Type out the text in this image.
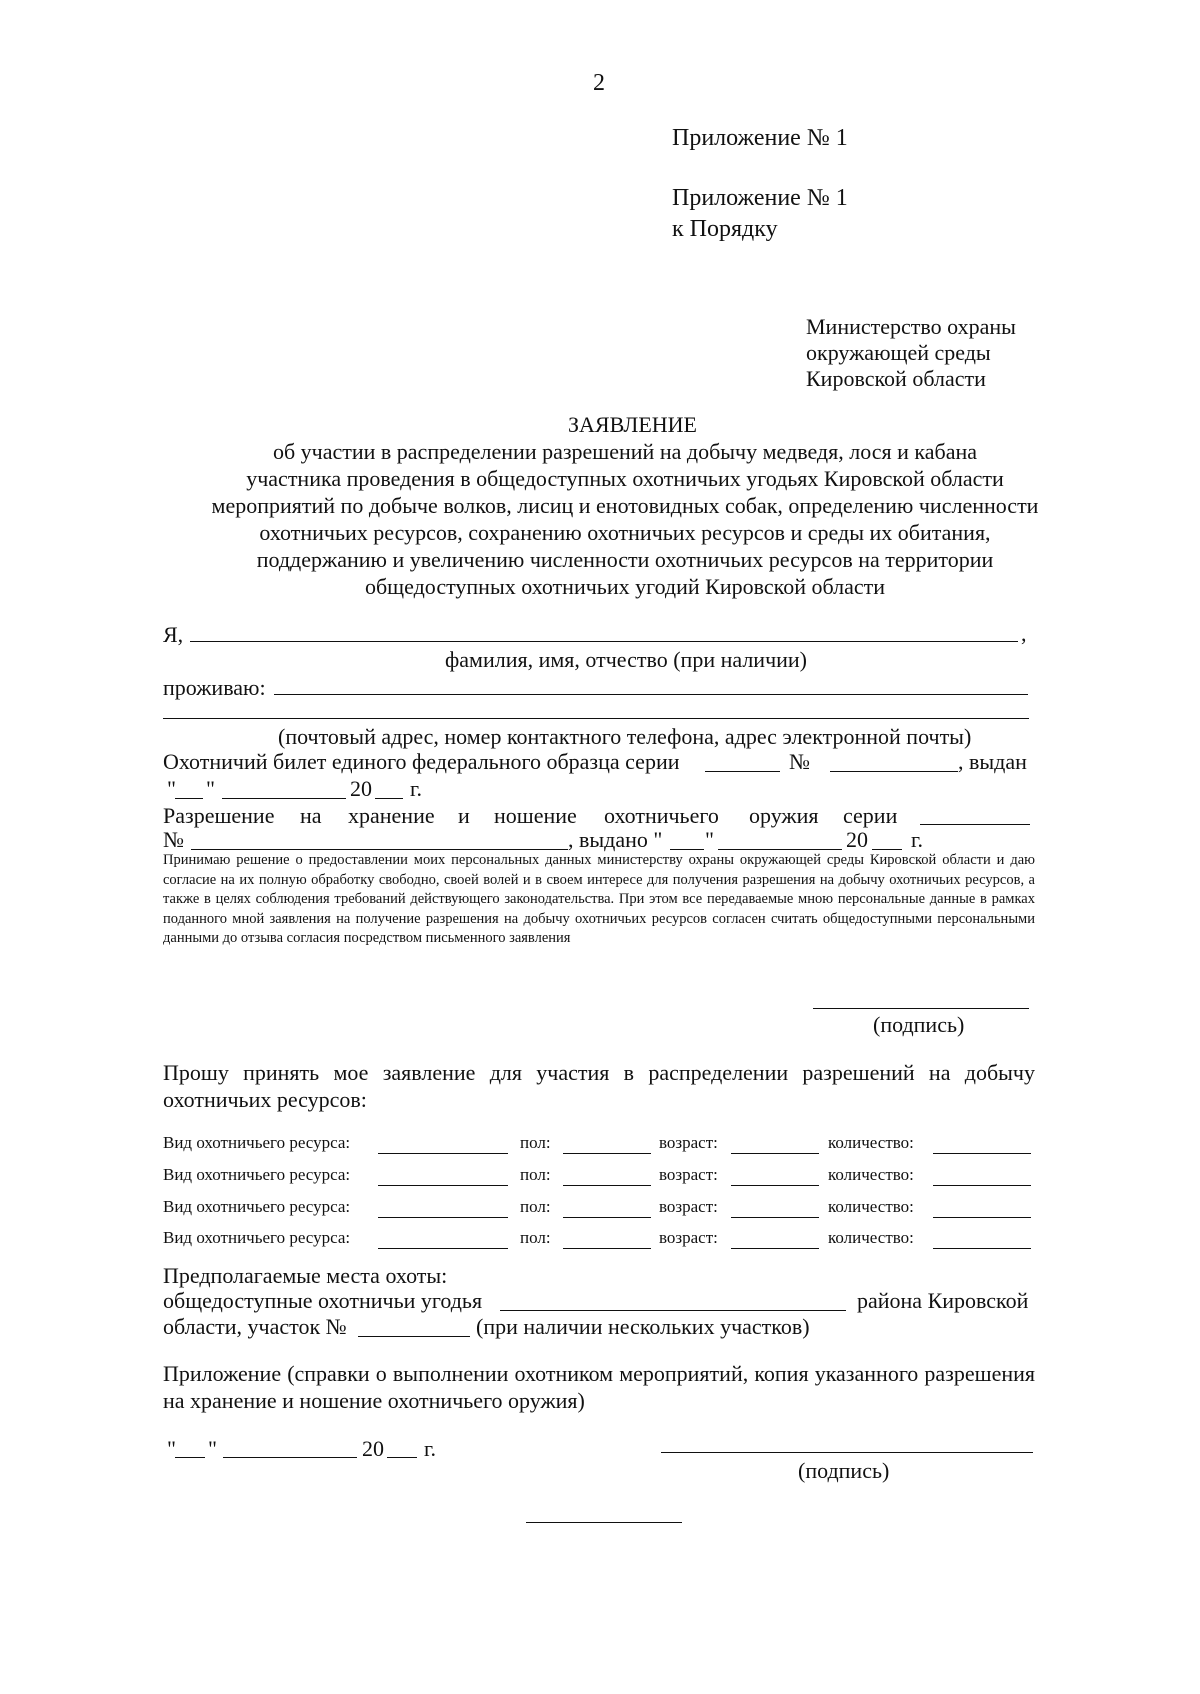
2
Приложение № 1
Приложение № 1
к Порядку
Министерство охраны
окружающей среды
Кировской области
ЗАЯВЛЕНИЕ
об участии в распределении разрешений на добычу медведя, лося и кабана
участника проведения в общедоступных охотничьих угодьях Кировской области
мероприятий по добыче волков, лисиц и енотовидных собак, определению численности
охотничьих ресурсов, сохранению охотничьих ресурсов и среды их обитания,
поддержанию и увеличению численности охотничьих ресурсов на территории
общедоступных охотничьих угодий Кировской области
Я,	,
фамилия, имя, отчество (при наличии)
проживаю:
(почтовый адрес, номер контактного телефона, адрес электронной почты)
Охотничий билет единого федерального образца серии	№	, выдан
" "	20 г.
Разрешение на хранение и ношение охотничьего оружия серии
№	, выдано " "	20 г.
Принимаю решение о предоставлении моих персональных данных министерству охраны окружающей среды Кировской области и даю согласие на их полную обработку свободно, своей волей и в своем интересе для получения разрешения на добычу охотничьих ресурсов, а также в целях соблюдения требований действующего законодательства. При этом все передаваемые мною персональные данные в рамках поданного мной заявления на получение разрешения на добычу охотничьих ресурсов согласен считать общедоступными персональными данными до отзыва согласия посредством письменного заявления
(подпись)
Прошу принять мое заявление для участия в распределении разрешений на добычу охотничьих ресурсов:
Вид охотничьего ресурса:	пол:	возраст:	количество:
Вид охотничьего ресурса:	пол:	возраст:	количество:
Вид охотничьего ресурса:	пол:	возраст:	количество:
Вид охотничьего ресурса:	пол:	возраст:	количество:
Предполагаемые места охоты:
общедоступные охотничьи угодья	района Кировской
области, участок №	(при наличии нескольких участков)
Приложение (справки о выполнении охотником мероприятий, копия указанного разрешения на хранение и ношение охотничьего оружия)
" "	20 г.
(подпись)
